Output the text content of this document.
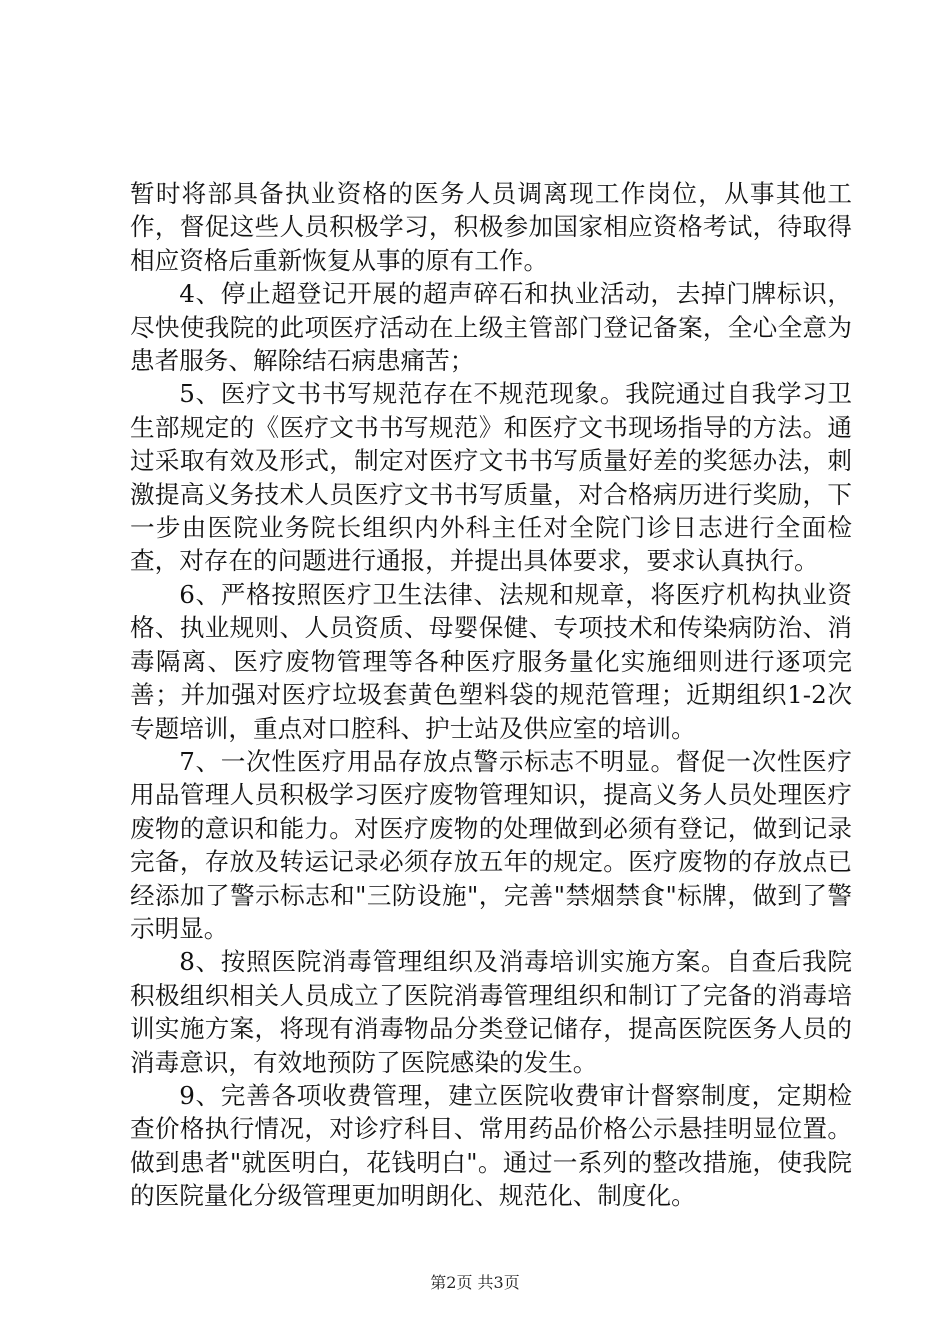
暂时将部具备执业资格的医务人员调离现工作岗位，从事其他工作，督促这些人员积极学习，积极参加国家相应资格考试，待取得相应资格后重新恢复从事的原有工作。

4、停止超登记开展的超声碎石和执业活动，去掉门牌标识，尽快使我院的此项医疗活动在上级主管部门登记备案，全心全意为患者服务、解除结石病患痛苦；

5、医疗文书书写规范存在不规范现象。我院通过自我学习卫生部规定的《医疗文书书写规范》和医疗文书现场指导的方法。通过采取有效及形式，制定对医疗文书书写质量好差的奖惩办法，刺激提高义务技术人员医疗文书书写质量，对合格病历进行奖励，下一步由医院业务院长组织内外科主任对全院门诊日志进行全面检查，对存在的问题进行通报，并提出具体要求，要求认真执行。

6、严格按照医疗卫生法律、法规和规章，将医疗机构执业资格、执业规则、人员资质、母婴保健、专项技术和传染病防治、消毒隔离、医疗废物管理等各种医疗服务量化实施细则进行逐项完善；并加强对医疗垃圾套黄色塑料袋的规范管理；近期组织1-2次专题培训，重点对口腔科、护士站及供应室的培训。

7、一次性医疗用品存放点警示标志不明显。督促一次性医疗用品管理人员积极学习医疗废物管理知识，提高义务人员处理医疗废物的意识和能力。对医疗废物的处理做到必须有登记，做到记录完备，存放及转运记录必须存放五年的规定。医疗废物的存放点已经添加了警示标志和"三防设施"，完善"禁烟禁食"标牌，做到了警示明显。

8、按照医院消毒管理组织及消毒培训实施方案。自查后我院积极组织相关人员成立了医院消毒管理组织和制订了完备的消毒培训实施方案，将现有消毒物品分类登记储存，提高医院医务人员的消毒意识，有效地预防了医院感染的发生。

9、完善各项收费管理，建立医院收费审计督察制度，定期检查价格执行情况，对诊疗科目、常用药品价格公示悬挂明显位置。做到患者"就医明白，花钱明白"。通过一系列的整改措施，使我院的医院量化分级管理更加明朗化、规范化、制度化。

第2页 共3页
